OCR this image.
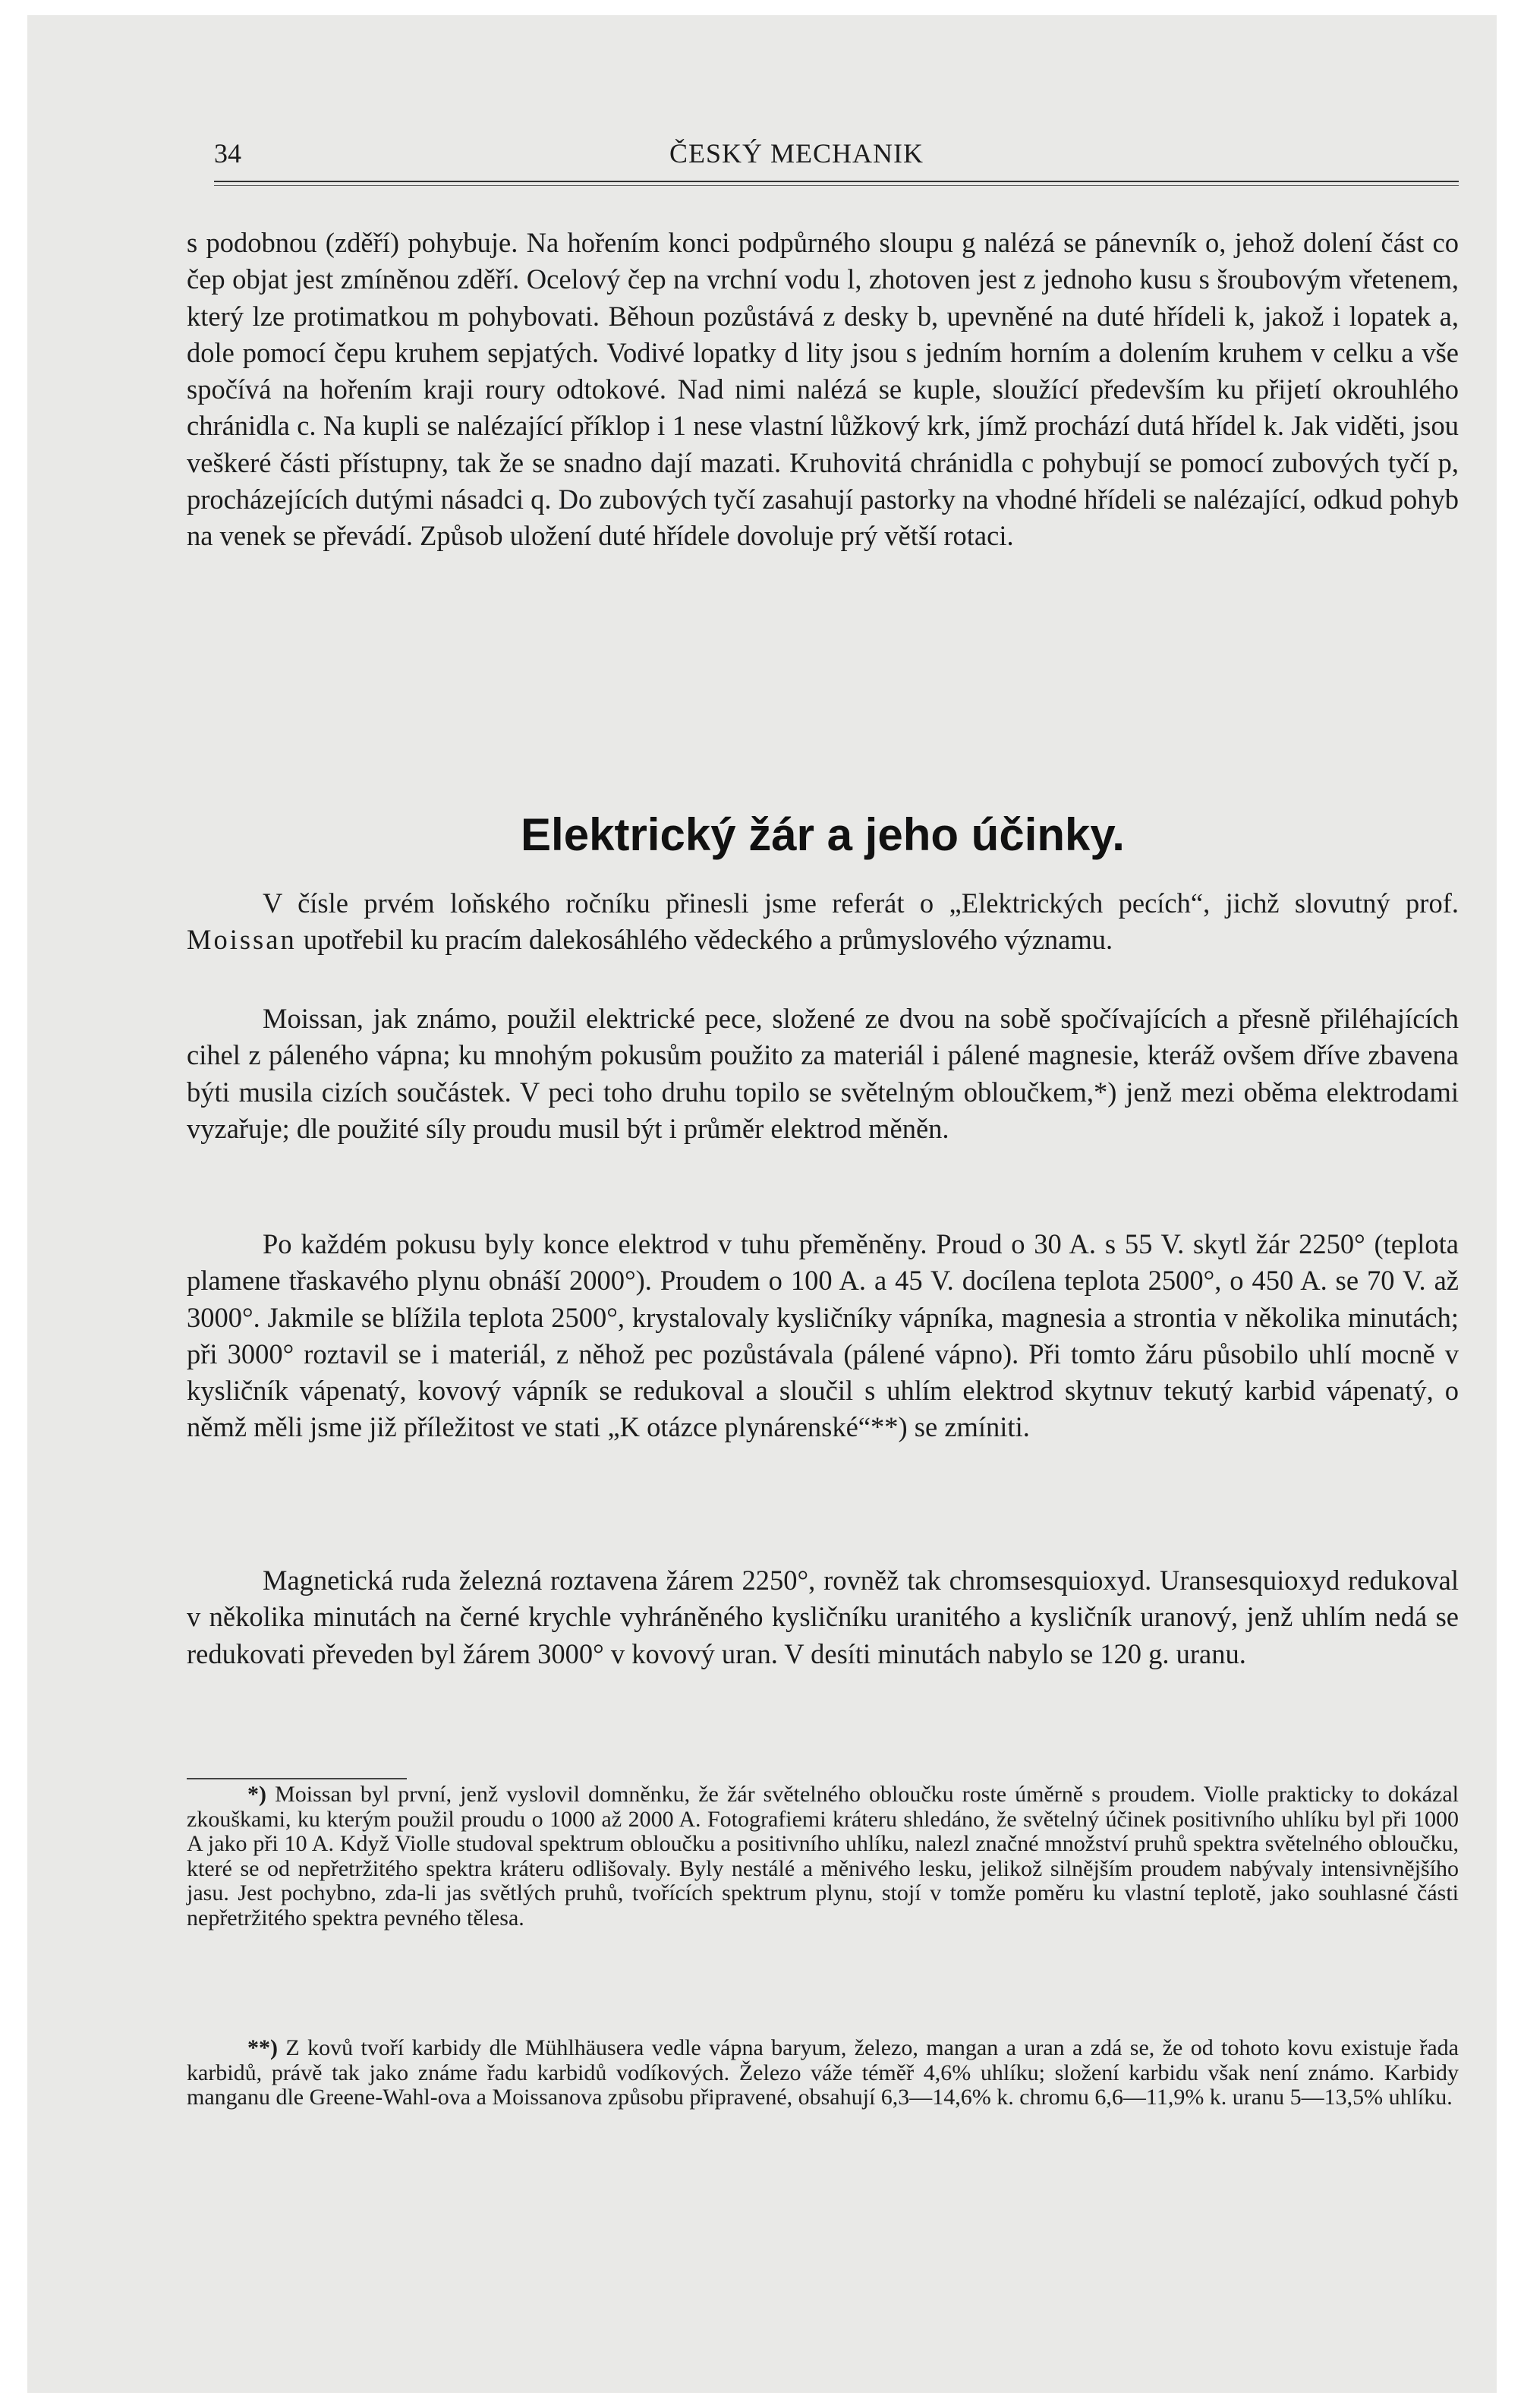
34	ČESKÝ MECHANIK

s podobnou (zděří) pohybuje. Na hořením konci podpůrného sloupu g nalézá se pánevník o, jehož dolení část co čep objat jest zmíněnou zděří. Ocelový čep na vrchní vodu l, zhotoven jest z jednoho kusu s šroubovým vřetenem, který lze protimatkou m pohybovati. Běhoun pozůstává z desky b, upevněné na duté hřídeli k, jakož i lopatek a, dole pomocí čepu kruhem sepjatých. Vodivé lopatky d lity jsou s jedním horním a dolením kruhem v celku a vše spočívá na hořením kraji roury odtokové. Nad nimi nalézá se kuple, sloužící především ku přijetí okrouhlého chránidla c. Na kupli se nalézající příklop i 1 nese vlastní lůžkový krk, jímž prochází dutá hřídel k. Jak viděti, jsou veškeré části přístupny, tak že se snadno dají mazati. Kruhovitá chránidla c pohybují se pomocí zubových tyčí p, procházejících dutými násadci q. Do zubových tyčí zasahují pastorky na vhodné hřídeli se nalézající, odkud pohyb na venek se převádí. Způsob uložení duté hřídele dovoluje prý větší rotaci.

Elektrický žár a jeho účinky.

V čísle prvém loňského ročníku přinesli jsme referát o „Elektrických pecích“, jichž slovutný prof. Moissan upotřebil ku pracím dalekosáhlého vědeckého a průmyslového významu.

Moissan, jak známo, použil elektrické pece, složené ze dvou na sobě spočívajících a přesně přiléhajících cihel z páleného vápna; ku mnohým pokusům použito za materiál i pálené magnesie, kteráž ovšem dříve zbavena býti musila cizích součástek. V peci toho druhu topilo se světelným obloučkem,*) jenž mezi oběma elektrodami vyzařuje; dle použité síly proudu musil být i průměr elektrod měněn.

Po každém pokusu byly konce elektrod v tuhu přeměněny. Proud o 30 A. s 55 V. skytl žár 2250° (teplota plamene třaskavého plynu obnáší 2000°). Proudem o 100 A. a 45 V. docílena teplota 2500°, o 450 A. se 70 V. až 3000°. Jakmile se blížila teplota 2500°, krystalovaly kysličníky vápníka, magnesia a strontia v několika minutách; při 3000° roztavil se i materiál, z něhož pec pozůstávala (pálené vápno). Při tomto žáru působilo uhlí mocně v kysličník vápenatý, kovový vápník se redukoval a sloučil s uhlím elektrod skytnuv tekutý karbid vápenatý, o němž měli jsme již příležitost ve stati „K otázce plynárenské“**) se zmíniti.

Magnetická ruda železná roztavena žárem 2250°, rovněž tak chromsesquioxyd. Uransesquioxyd redukoval v několika minutách na černé krychle vyhráněného kysličníku uranitého a kysličník uranový, jenž uhlím nedá se redukovati převeden byl žárem 3000° v kovový uran. V desíti minutách nabylo se 120 g. uranu.

*) Moissan byl první, jenž vyslovil domněnku, že žár světelného obloučku roste úměrně s proudem. Violle prakticky to dokázal zkouškami, ku kterým použil proudu o 1000 až 2000 A. Fotografiemi kráteru shledáno, že světelný účinek positivního uhlíku byl při 1000 A jako při 10 A. Když Violle studoval spektrum obloučku a positivního uhlíku, nalezl značné množství pruhů spektra světelného obloučku, které se od nepřetržitého spektra kráteru odlišovaly. Byly nestálé a měnivého lesku, jelikož silnějším proudem nabývaly intensivnějšího jasu. Jest pochybno, zda-li jas světlých pruhů, tvořících spektrum plynu, stojí v tomže poměru ku vlastní teplotě, jako souhlasné části nepřetržitého spektra pevného tělesa.

**) Z kovů tvoří karbidy dle Mühlhäusera vedle vápna baryum, železo, mangan a uran a zdá se, že od tohoto kovu existuje řada karbidů, právě tak jako známe řadu karbidů vodíkových. Železo váže téměř 4,6% uhlíku; složení karbidu však není známo. Karbidy manganu dle Greene-Wahl-ova a Moissanova způsobu připravené, obsahují 6,3—14,6% k. chromu 6,6—11,9% k. uranu 5—13,5% uhlíku.
